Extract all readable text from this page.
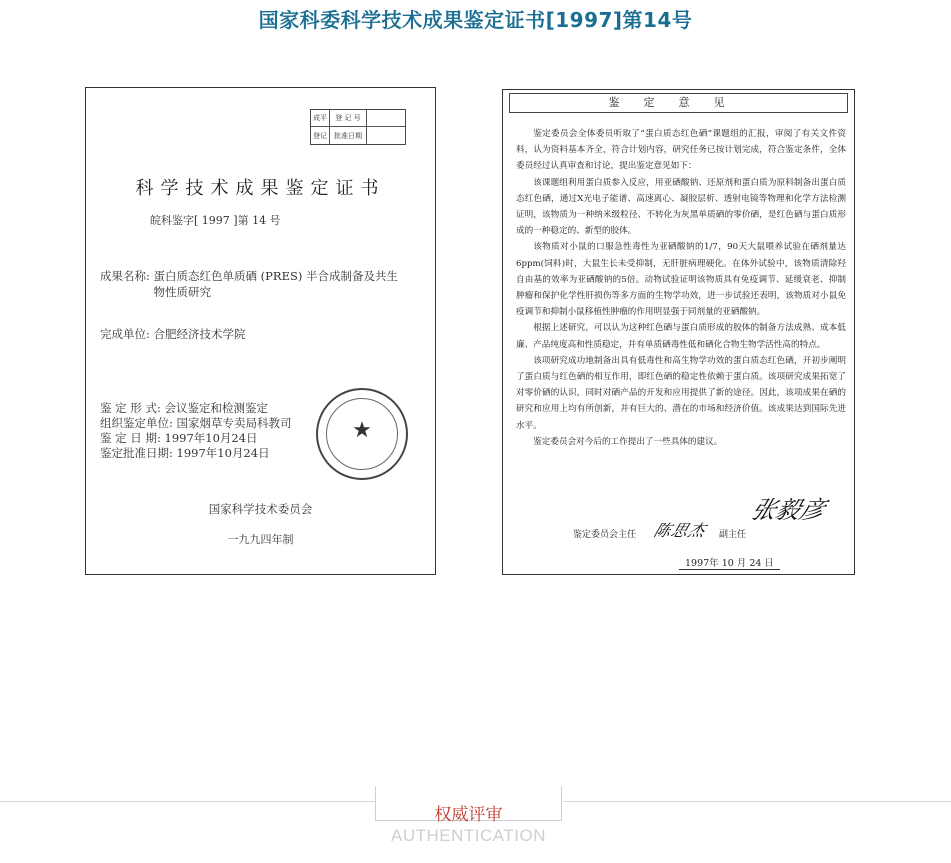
国家科委科学技术成果鉴定证书[1997]第14号
成平	登 记 号
登记	批准日期
科学技术成果鉴定证书
皖科鉴字[ 1997 ]第 14 号
成果名称: 蛋白质态红色单质硒 (PRES) 半合成制备及共生物性质研究
完成单位: 合肥经济技术学院
鉴 定 形 式: 会议鉴定和检测鉴定
组织鉴定单位: 国家烟草专卖局科教司
鉴 定 日 期: 1997年10月24日
鉴定批准日期: 1997年10月24日
★
国家科学技术委员会
一九九四年制
鉴定意见

鉴定委员会全体委员听取了“蛋白质态红色硒”课题组的汇报，审阅了有关文件资料，认为资料基本齐全，符合计划内容，研究任务已按计划完成，符合鉴定条件，全体委员经过认真审查和讨论，提出鉴定意见如下：

该课题组利用蛋白质参入反应，用亚硒酸钠、还原剂和蛋白质为原料制备出蛋白质态红色硒，通过X光电子能谱、高速离心、凝胶层析、透射电镜等物理和化学方法检测证明，该物质为一种纳米级粒径、不转化为灰黑单质硒的零价硒，是红色硒与蛋白质形成的一种稳定的、新型的胶体。

该物质对小鼠的口服急性毒性为亚硒酸钠的1/7，90天大鼠喂养试验在硒剂量达6ppm(饲料)时，大鼠生长未受抑制，无肝脏病理硬化。在体外试验中，该物质清除羟自由基的效率为亚硒酸钠的5倍。动物试验证明该物质具有免疫调节、延缓衰老、抑制肿瘤和保护化学性肝损伤等多方面的生物学功效，进一步试验还表明，该物质对小鼠免疫调节和抑制小鼠移植性肿瘤的作用明显强于同剂量的亚硒酸钠。

根据上述研究，可以认为这种红色硒与蛋白质形成的胶体的制备方法成熟、成本低廉、产品纯度高和性质稳定，并有单质硒毒性低和硒化合物生物学活性高的特点。

该项研究成功地制备出具有低毒性和高生物学功效的蛋白质态红色硒，开初步阐明了蛋白质与红色硒的相互作用，即红色硒的稳定性依赖于蛋白质。该项研究成果拓宽了对零价硒的认识，同时对硒产品的开发和应用提供了新的途径。因此，该项成果在硒的研究和应用上均有所创新，并有巨大的、潜在的市场和经济价值。该成果达到国际先进水平。

鉴定委员会对今后的工作提出了一些具体的建议。

鉴定委员会主任 陈思杰 副主任
张毅彦
1997年 10 月 24 日
权威评审
AUTHENTICATION
